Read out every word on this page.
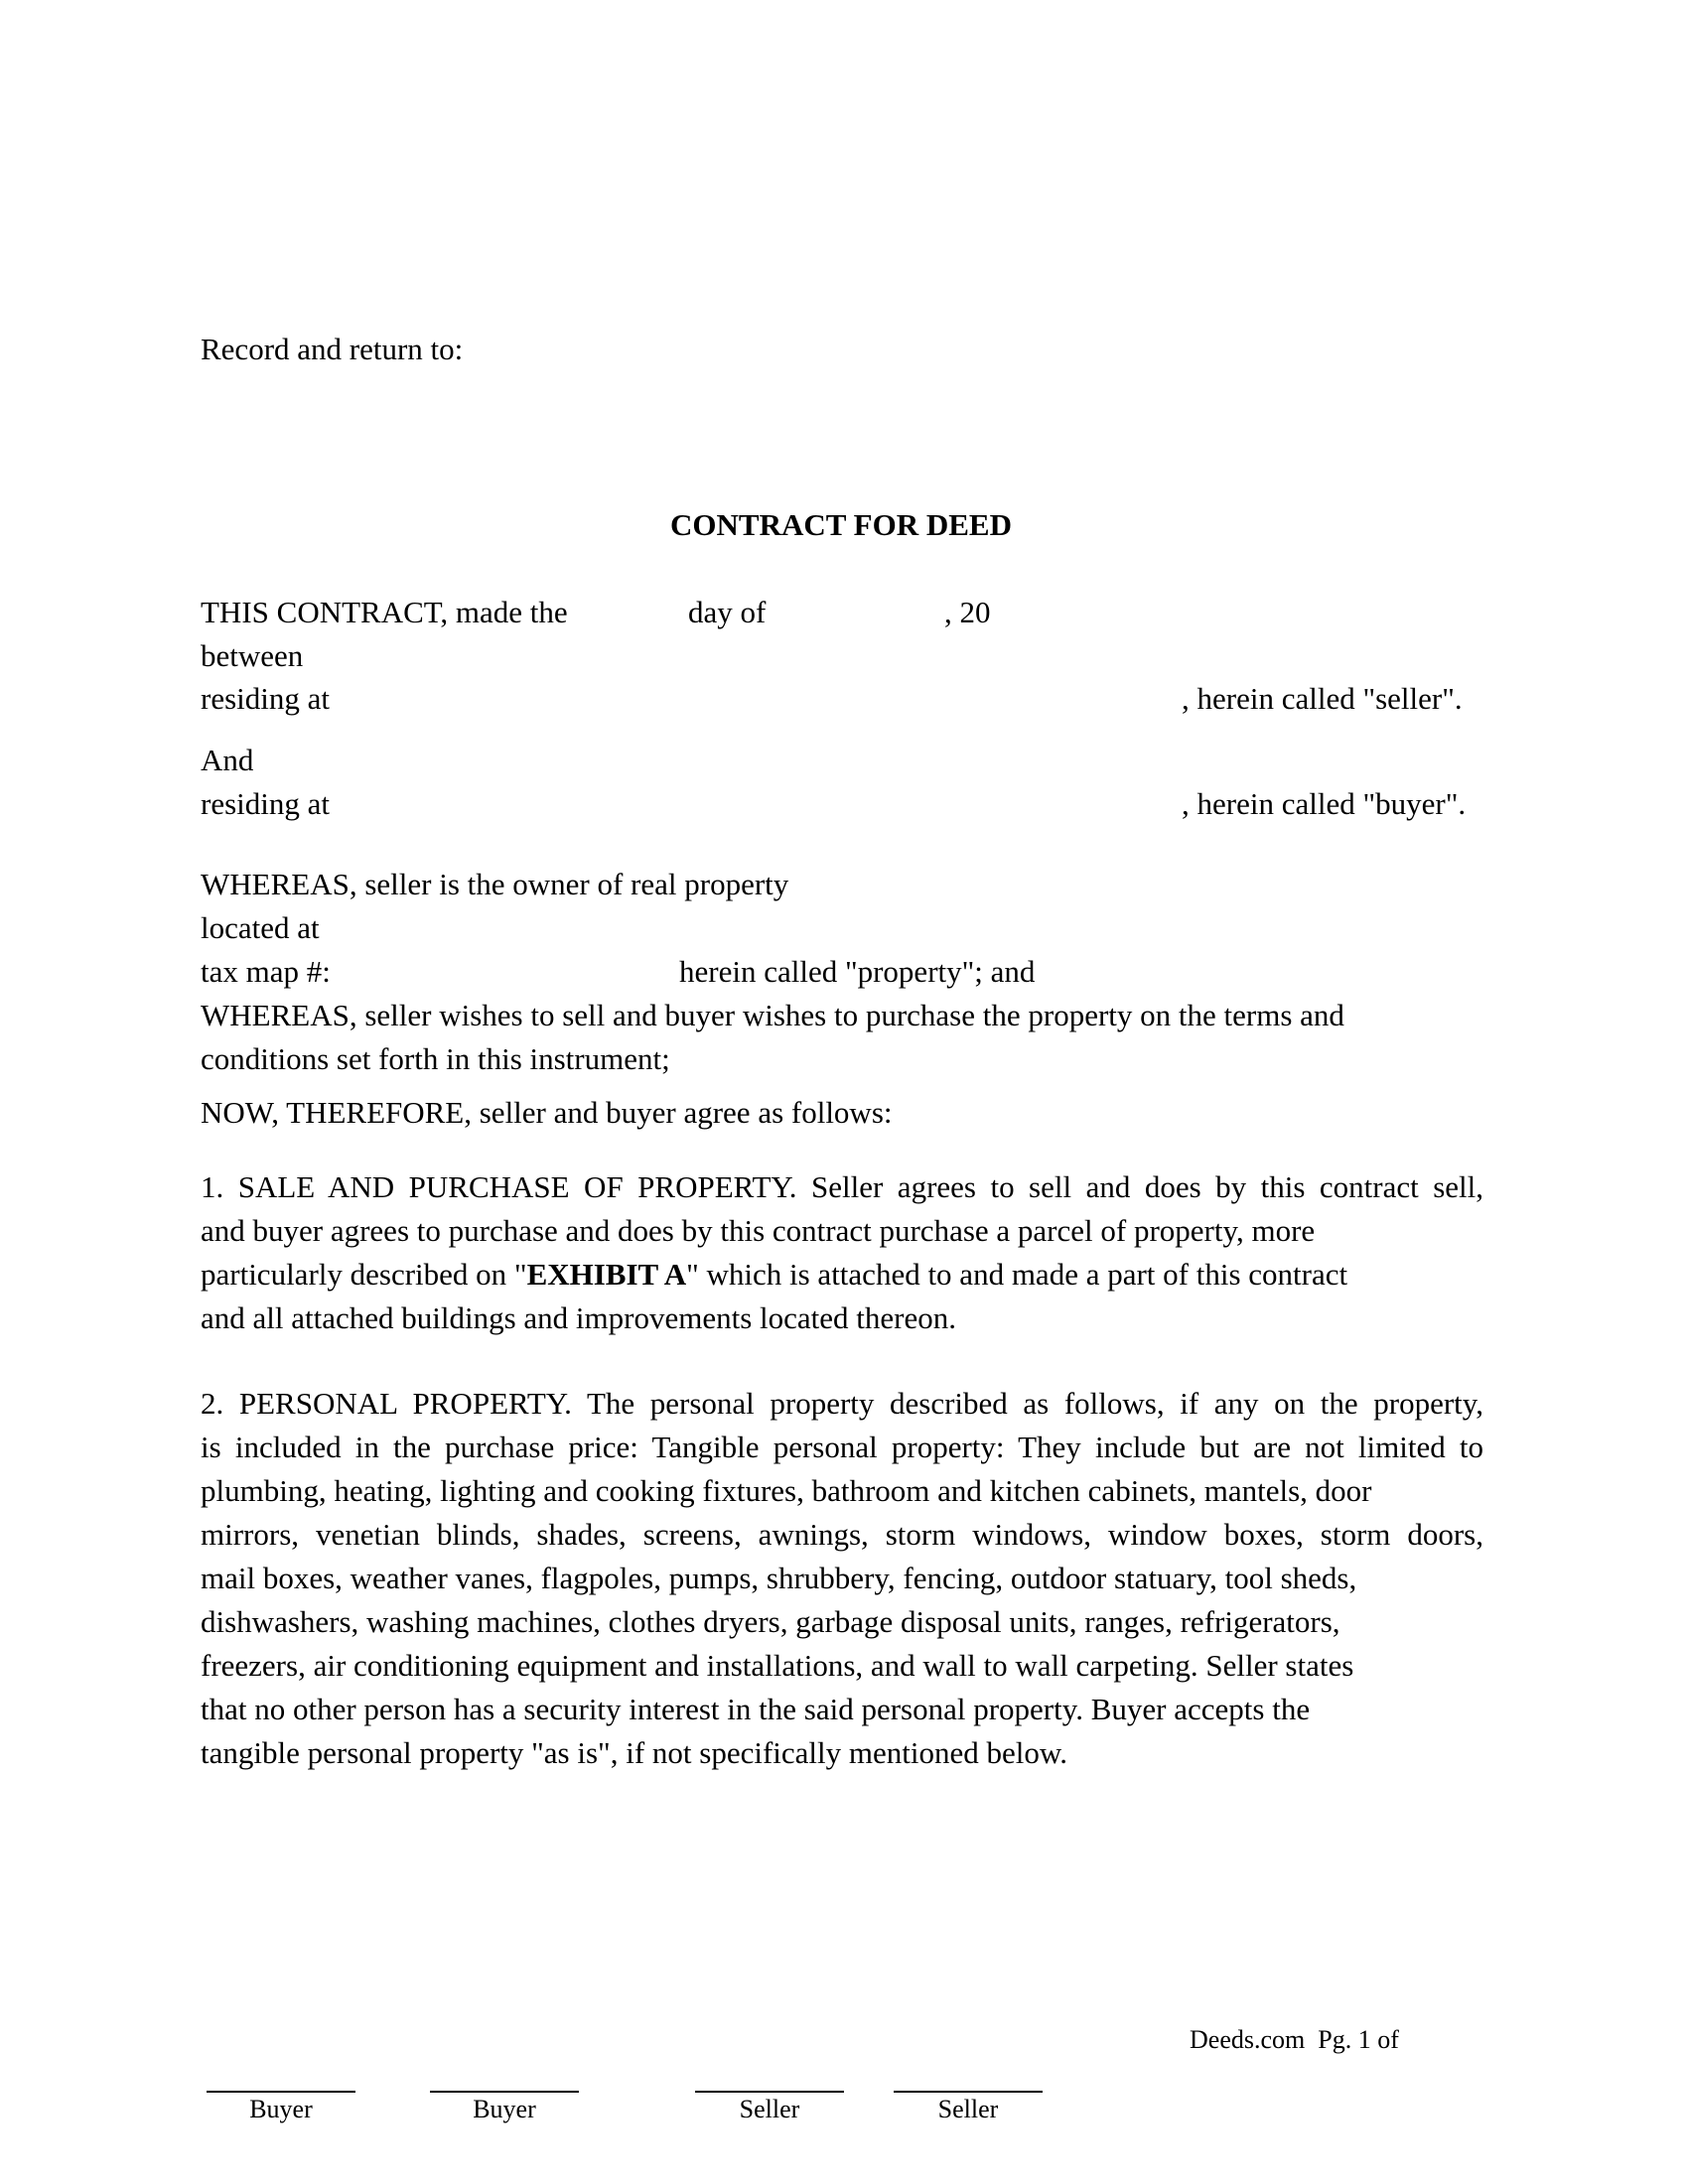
Record and return to:
CONTRACT FOR DEED
THIS CONTRACT, made the	day of	, 20
between
residing at	, herein called "seller".
And
residing at	, herein called "buyer".
WHEREAS, seller is the owner of real property
located at
tax map #:	herein called "property"; and
WHEREAS, seller wishes to sell and buyer wishes to purchase the property on the terms and
conditions set forth in this instrument;
NOW, THEREFORE, seller and buyer agree as follows:
1. SALE AND PURCHASE OF PROPERTY. Seller agrees to sell and does by this contract sell,
and buyer agrees to purchase and does by this contract purchase a parcel of property, more
particularly described on "EXHIBIT A" which is attached to and made a part of this contract
and all attached buildings and improvements located thereon.
2. PERSONAL PROPERTY. The personal property described as follows, if any on the property,
is included in the purchase price: Tangible personal property: They include but are not limited to
plumbing, heating, lighting and cooking fixtures, bathroom and kitchen cabinets, mantels, door
mirrors, venetian blinds, shades, screens, awnings, storm windows, window boxes, storm doors,
mail boxes, weather vanes, flagpoles, pumps, shrubbery, fencing, outdoor statuary, tool sheds,
dishwashers, washing machines, clothes dryers, garbage disposal units, ranges, refrigerators,
freezers, air conditioning equipment and installations, and wall to wall carpeting. Seller states
that no other person has a security interest in the said personal property. Buyer accepts the
tangible personal property "as is", if not specifically mentioned below.
Deeds.com  Pg. 1 of
Buyer	Buyer	Seller	Seller
